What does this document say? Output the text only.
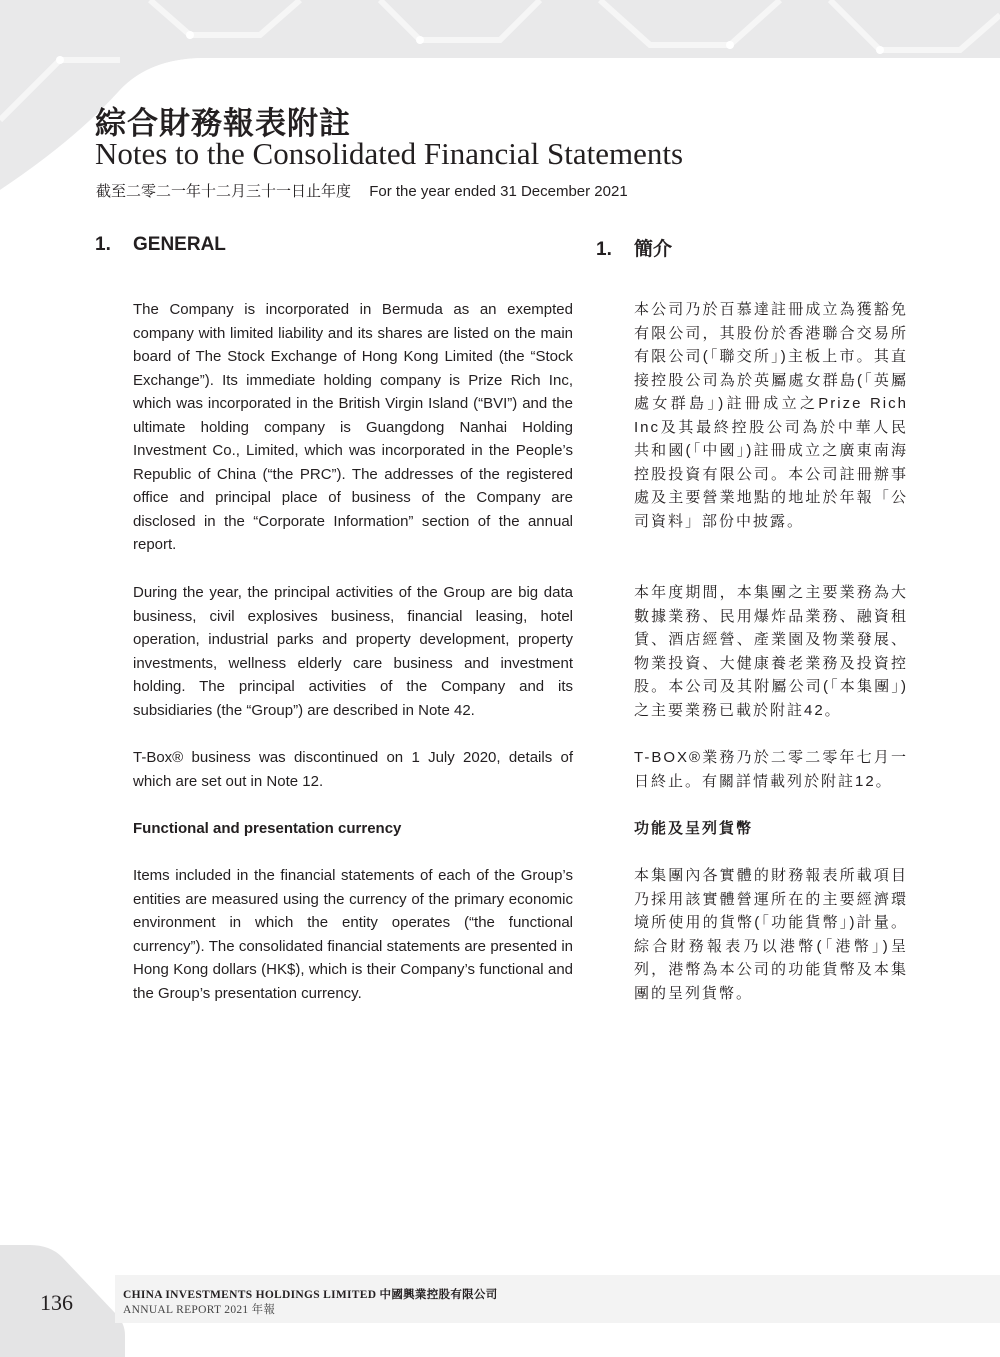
綜合財務報表附註
Notes to the Consolidated Financial Statements
截至二零二一年十二月三十一日止年度 For the year ended 31 December 2021
1.	GENERAL

The Company is incorporated in Bermuda as an exempted company with limited liability and its shares are listed on the main board of The Stock Exchange of Hong Kong Limited (the “Stock Exchange”). Its immediate holding company is Prize Rich Inc, which was incorporated in the British Virgin Island (“BVI”) and the ultimate holding company is Guangdong Nanhai Holding Investment Co., Limited, which was incorporated in the People’s Republic of China (“the PRC”). The addresses of the registered office and principal place of business of the Company are disclosed in the “Corporate Information” section of the annual report.

During the year, the principal activities of the Group are big data business, civil explosives business, financial leasing, hotel operation, industrial parks and property development, property investments, wellness elderly care business and investment holding. The principal activities of the Company and its subsidiaries (the “Group”) are described in Note 42.

T-Box® business was discontinued on 1 July 2020, details of which are set out in Note 12.

Functional and presentation currency

Items included in the financial statements of each of the Group’s entities are measured using the currency of the primary economic environment in which the entity operates (“the functional currency”). The consolidated financial statements are presented in Hong Kong dollars (HK$), which is their Company’s functional and the Group’s presentation currency.

1.	簡介

本公司乃於百慕達註冊成立為獲豁免有限公司，其股份於香港聯合交易所有限公司(「聯交所」)主板上市。其直接控股公司為於英屬處女群島(「英屬處女群島」)註冊成立之Prize Rich Inc及其最終控股公司為於中華人民共和國(「中國」)註冊成立之廣東南海控股投資有限公司。本公司註冊辦事處及主要營業地點的地址於年報「公司資料」部份中披露。

本年度期間，本集團之主要業務為大數據業務、民用爆炸品業務、融資租賃、酒店經營、產業園及物業發展、物業投資、大健康養老業務及投資控股。本公司及其附屬公司(「本集團」)之主要業務已載於附註42。

T-BOX®業務乃於二零二零年七月一日終止。有關詳情載列於附註12。

功能及呈列貨幣

本集團內各實體的財務報表所載項目乃採用該實體營運所在的主要經濟環境所使用的貨幣(「功能貨幣」)計量。綜合財務報表乃以港幣(「港幣」)呈列，港幣為本公司的功能貨幣及本集團的呈列貨幣。

136	CHINA INVESTMENTS HOLDINGS LIMITED 中國興業控股有限公司
ANNUAL REPORT 2021 年報
